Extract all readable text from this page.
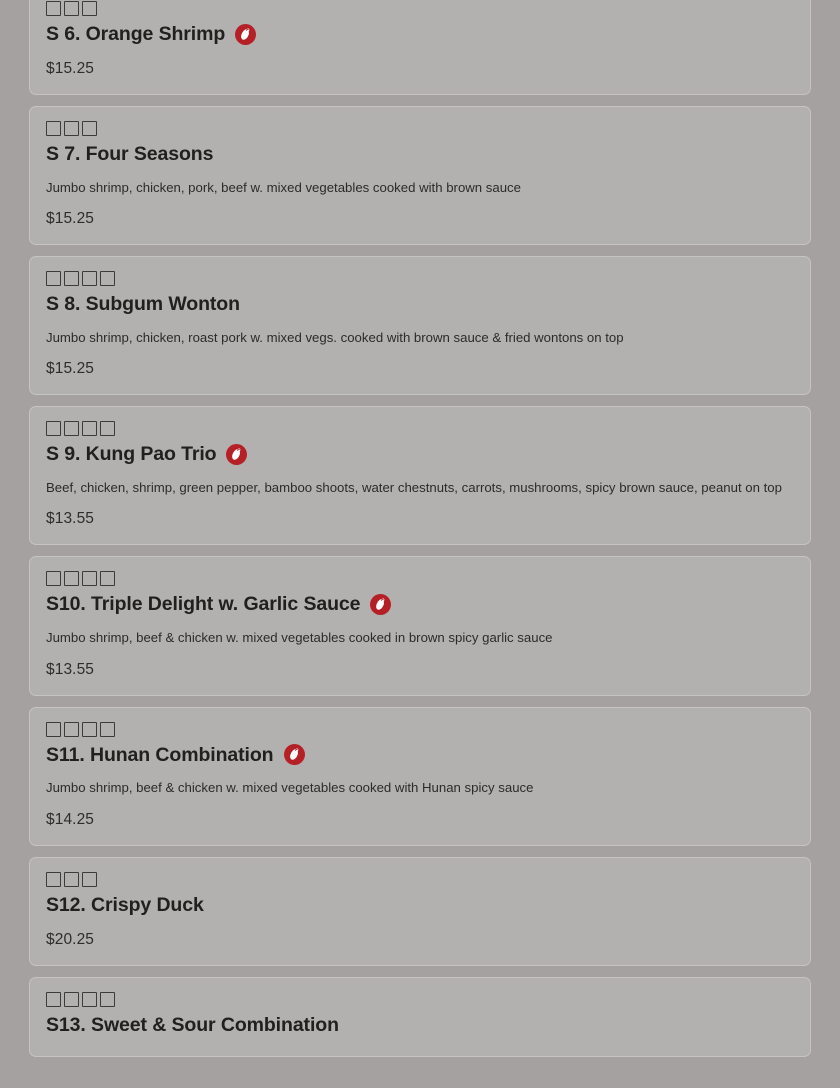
S 6. Orange Shrimp
$15.25
S 7. Four Seasons
Jumbo shrimp, chicken, pork, beef w. mixed vegetables cooked with brown sauce
$15.25
S 8. Subgum Wonton
Jumbo shrimp, chicken, roast pork w. mixed vegs. cooked with brown sauce & fried wontons on top
$15.25
S 9. Kung Pao Trio
Beef, chicken, shrimp, green pepper, bamboo shoots, water chestnuts, carrots, mushrooms, spicy brown sauce, peanut on top
$13.55
S10. Triple Delight w. Garlic Sauce
Jumbo shrimp, beef & chicken w. mixed vegetables cooked in brown spicy garlic sauce
$13.55
S11. Hunan Combination
Jumbo shrimp, beef & chicken w. mixed vegetables cooked with Hunan spicy sauce
$14.25
S12. Crispy Duck
$20.25
S13. Sweet & Sour Combination
